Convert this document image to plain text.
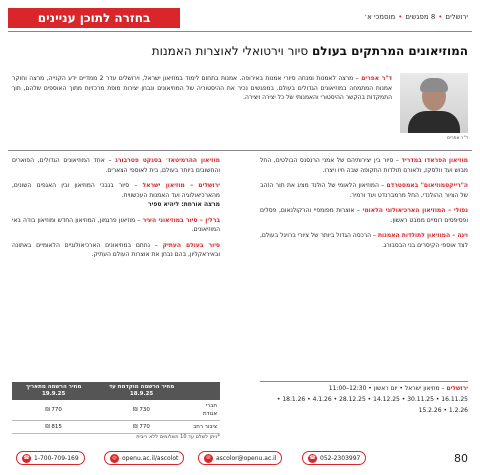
בחזרה לתוכן עניינים	ירושלים
•
8 מפגשים
•
מוסמכי א׳
המוזיאונים המרתקים בעולם סיור וירטואלי לאוצרות האמנות
ד"ר אפרים
ד"ר אפרים – מרצה לאמנות ומנחה סיורי אמנות באירופה. אמנות בתחום לימוד במוזיאון ישראל, וירושלים עדר 2 ממדיים ידע הקנייה, מרצה וחוקר אמנות המתמחה במוזיאונים הגדולים בעולם. במפגשים נכיר את ההיסטוריה של המוזיאונים ונבחן יצירות מופת מרכזיות מתוך האוספים שלהם, תוך התמקדות בהקשר ההיסטורי והאמנותי של כל יצירה ויצירה.

מוזיאון הפראדו במדריד – סיור בין יצירותיהם של אמני הרנסנס הבולטים, החל מבוש ועד וולסקז, ולאורם תולדות התקופה שבה חיו ויצרו.

ה"רייקסמוזיאום" באמסטרדם – המוזיאון הלאומי של הולנד מציג את תור הזהב של הציור ההולנדי, החל מרמברנדט ועד ורמיר.

נפולי – המוזיאון הארכיאולוגי הלאומי – אוצרות מפומפיי והרקולנאום, פסלים ופסיפסים רומיים ממבט ראשון.

וינה – המוזיאון לתולדות האמנות – הרכסה הגדול ביותר של ציורי ברויגל בעולם, לצד אוספי הקיסרים בני הבסבורג.

מוזיאון ההרמיטאז׳ בסנקט פטרבורג – אחד המוזיאונים הגדולים, הפוארים והחשובים ביותר בעולם, בית לאוספי הצארים.

ירושלים – מוזיאון ישראל – סיור בנבכי המוזיאון ובין האגפים השונים, מהארכיאולוגיה ועד האמנות העכשווית.
מרצה אורחת: ליהיא ספיר

ברלין – סיור במוזיאוני העיר – מוזיאון פרגמון, המוזיאון החדש ומוזיאון בודה באי המוזיאונים.

סיור בעולם העתיק – נחתם במוזיאונים הארכיאולוגיים הלאומיים באתונה ובאיראקליון, בהם נבחן את אוצרות העולם העתיק.

ירושלים – מוזיאון ישראל • יום ראשון • 12:30–11:00
16.11.25 • 30.11.25 • 14.12.25 • 28.12.25 • 4.1.26 • 18.1.26 • 1.2.26 • 15.2.26
	מחיר הרשמה מוקדמת עד 18.9.25	מחיר הרשמה מתאריך 19.9.25
חברי אגודת	730 ₪	770 ₪
ציבור רחב	770 ₪	815 ₪
*ניתן לשלם עד 10 תשלומים ללא ריבית
80
☎ 052-2303997
✉ ascolor@openu.ac.il
◎ openu.ac.il/ascolot
☎ 1-700-709-169
